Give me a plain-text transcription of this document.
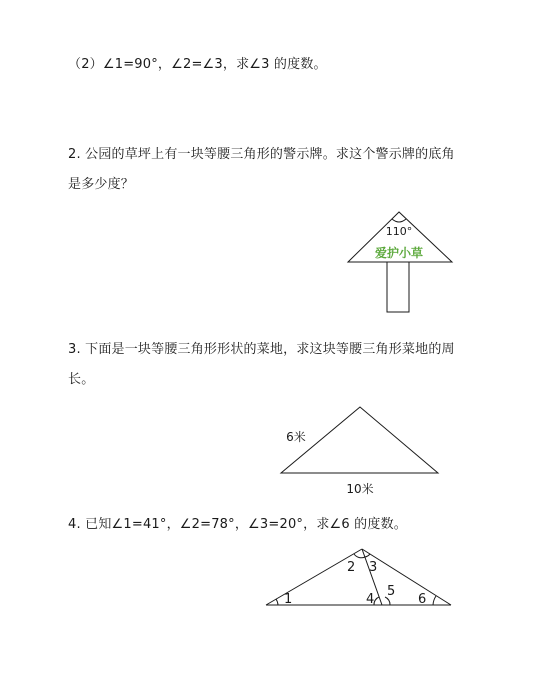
（2）∠1=90°，∠2=∠3，求∠3 的度数。
2. 公园的草坪上有一块等腰三角形的警示牌。求这个警示牌的底角
是多少度？
3. 下面是一块等腰三角形形状的菜地，求这块等腰三角形菜地的周
长。
4. 已知∠1=41°，∠2=78°，∠3=20°，求∠6 的度数。
110°
爱护小草
6米
10米
1
2 3
4
5
6
